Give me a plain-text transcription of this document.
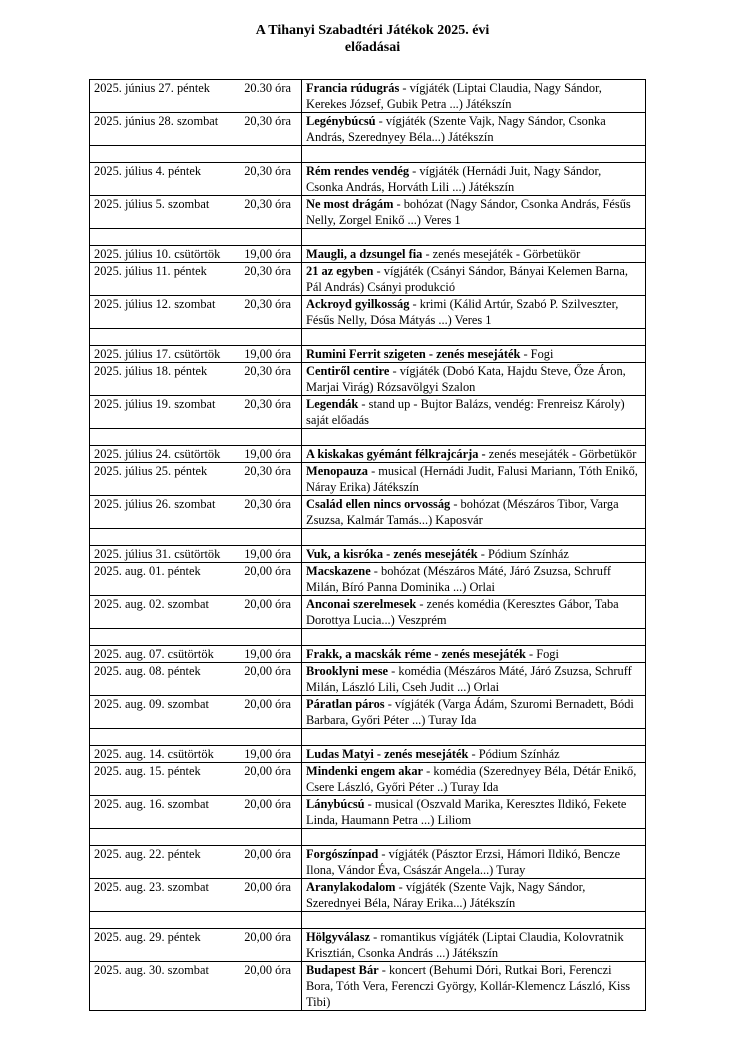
A Tihanyi Szabadtéri Játékok 2025. évi
előadásai
2025. június 27. péntek 20.30 óra	Francia rúdugrás - vígjáték (Liptai Claudia, Nagy Sándor, Kerekes József, Gubik Petra ...) Játékszín

2025. június 28. szombat 20,30 óra	Legénybúcsú - vígjáték (Szente Vajk, Nagy Sándor, Csonka András, Szerednyey Béla...) Játékszín

2025. július 4. péntek 20,30 óra	Rém rendes vendég - vígjáték (Hernádi Juit, Nagy Sándor, Csonka András, Horváth Lili ...) Játékszín

2025. július 5. szombat 20,30 óra	Ne most drágám - bohózat (Nagy Sándor, Csonka András, Fésűs Nelly, Zorgel Enikő ...) Veres 1

2025. július 10. csütörtök 19,00 óra	Maugli, a dzsungel fia - zenés mesejáték - Görbetükör

2025. július 11. péntek 20,30 óra	21 az egyben - vígjáték (Csányi Sándor, Bányai Kelemen Barna, Pál András) Csányi produkció

2025. július 12. szombat 20,30 óra	Ackroyd gyilkosság - krimi (Kálid Artúr, Szabó P. Szilveszter, Fésűs Nelly, Dósa Mátyás ...) Veres 1

2025. július 17. csütörtök 19,00 óra	Rumini Ferrit szigeten - zenés mesejáték - Fogi

2025. július 18. péntek 20,30 óra	Centiről centire - vígjáték (Dobó Kata, Hajdu Steve, Őze Áron, Marjai Virág) Rózsavölgyi Szalon

2025. július 19. szombat 20,30 óra	Legendák - stand up - Bujtor Balázs, vendég: Frenreisz Károly) saját előadás

2025. július 24. csütörtök 19,00 óra	A kiskakas gyémánt félkrajcárja - zenés mesejáték - Görbetükör

2025. július 25. péntek 20,30 óra	Menopauza - musical (Hernádi Judit, Falusi Mariann, Tóth Enikő, Náray Erika) Játékszín

2025. július 26. szombat 20,30 óra	Család ellen nincs orvosság - bohózat (Mészáros Tibor, Varga Zsuzsa, Kalmár Tamás...) Kaposvár

2025. július 31. csütörtök 19,00 óra	Vuk, a kisróka - zenés mesejáték - Pódium Színház

2025. aug. 01. péntek 20,00 óra	Macskazene - bohózat (Mészáros Máté, Járó Zsuzsa, Schruff Milán, Bíró Panna Dominika ...) Orlai

2025. aug. 02. szombat 20,00 óra	Anconai szerelmesek - zenés komédia (Keresztes Gábor, Taba Dorottya Lucia...) Veszprém

2025. aug. 07. csütörtök 19,00 óra	Frakk, a macskák réme - zenés mesejáték - Fogi

2025. aug. 08. péntek 20,00 óra	Brooklyni mese - komédia (Mészáros Máté, Járó Zsuzsa, Schruff Milán, László Lili, Cseh Judit ...) Orlai

2025. aug. 09. szombat 20,00 óra	Páratlan páros - vígjáték (Varga Ádám, Szuromi Bernadett, Bódi Barbara, Győri Péter ...) Turay Ida

2025. aug. 14. csütörtök 19,00 óra	Ludas Matyi - zenés mesejáték - Pódium Színház

2025. aug. 15. péntek 20,00 óra	Mindenki engem akar - komédia (Szerednyey Béla, Détár Enikő, Csere László, Győri Péter ..) Turay Ida

2025. aug. 16. szombat 20,00 óra	Lánybúcsú - musical (Oszvald Marika, Keresztes Ildikó, Fekete Linda, Haumann Petra ...) Liliom

2025. aug. 22. péntek 20,00 óra	Forgószínpad - vígjáték (Pásztor Erzsi, Hámori Ildikó, Bencze Ilona, Vándor Éva, Császár Angela...) Turay

2025. aug. 23. szombat 20,00 óra	Aranylakodalom - vígjáték (Szente Vajk, Nagy Sándor, Szerednyei Béla, Náray Erika...) Játékszín

2025. aug. 29. péntek 20,00 óra	Hölgyválasz - romantikus vígjáték (Liptai Claudia, Kolovratnik Krisztián, Csonka András ...) Játékszín

2025. aug. 30. szombat 20,00 óra	Budapest Bár - koncert (Behumi Dóri, Rutkai Bori, Ferenczi Bora, Tóth Vera, Ferenczi György, Kollár-Klemencz László, Kiss Tibi)
